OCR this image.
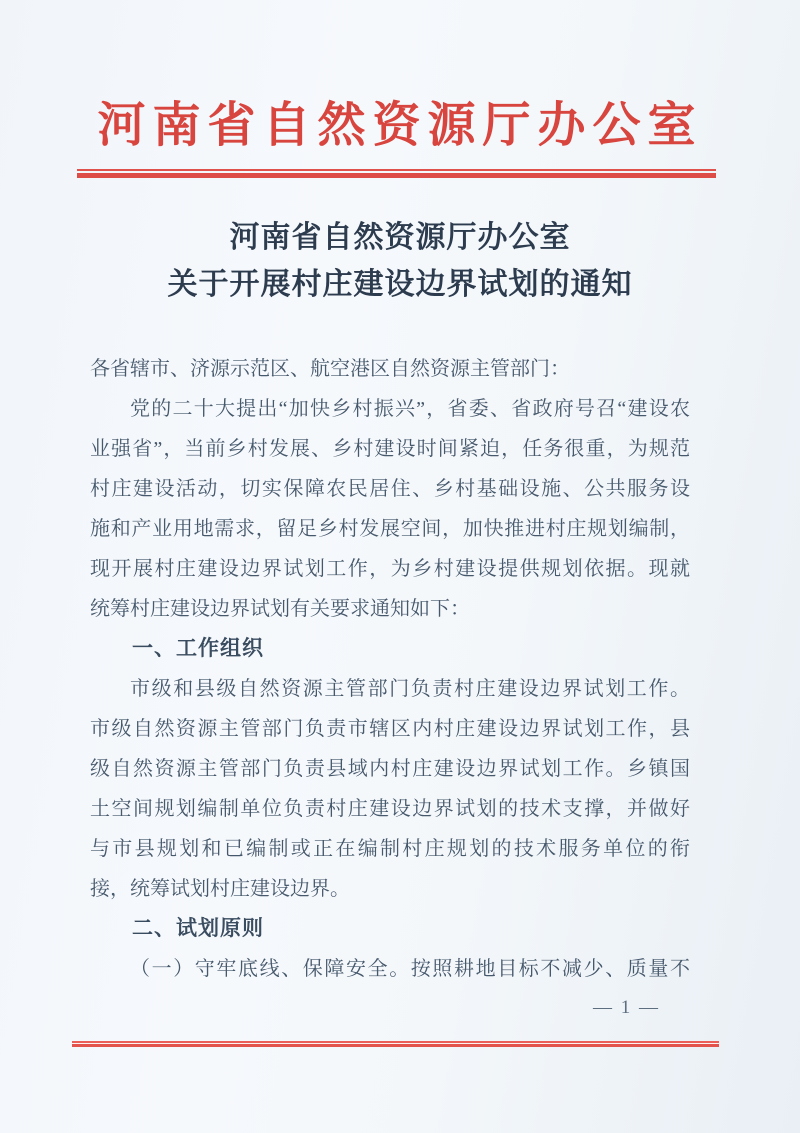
河南省自然资源厅办公室
河南省自然资源厅办公室
关于开展村庄建设边界试划的通知
各省辖市、济源示范区、航空港区自然资源主管部门：
党的二十大提出“加快乡村振兴”，省委、省政府号召“建设农
业强省”，当前乡村发展、乡村建设时间紧迫，任务很重，为规范
村庄建设活动，切实保障农民居住、乡村基础设施、公共服务设
施和产业用地需求，留足乡村发展空间，加快推进村庄规划编制，
现开展村庄建设边界试划工作，为乡村建设提供规划依据。现就
统筹村庄建设边界试划有关要求通知如下：
一、工作组织
市级和县级自然资源主管部门负责村庄建设边界试划工作。
市级自然资源主管部门负责市辖区内村庄建设边界试划工作，县
级自然资源主管部门负责县域内村庄建设边界试划工作。乡镇国
土空间规划编制单位负责村庄建设边界试划的技术支撑，并做好
与市县规划和已编制或正在编制村庄规划的技术服务单位的衔
接，统筹试划村庄建设边界。
二、试划原则
（一）守牢底线、保障安全。按照耕地目标不减少、质量不
— 1 —
